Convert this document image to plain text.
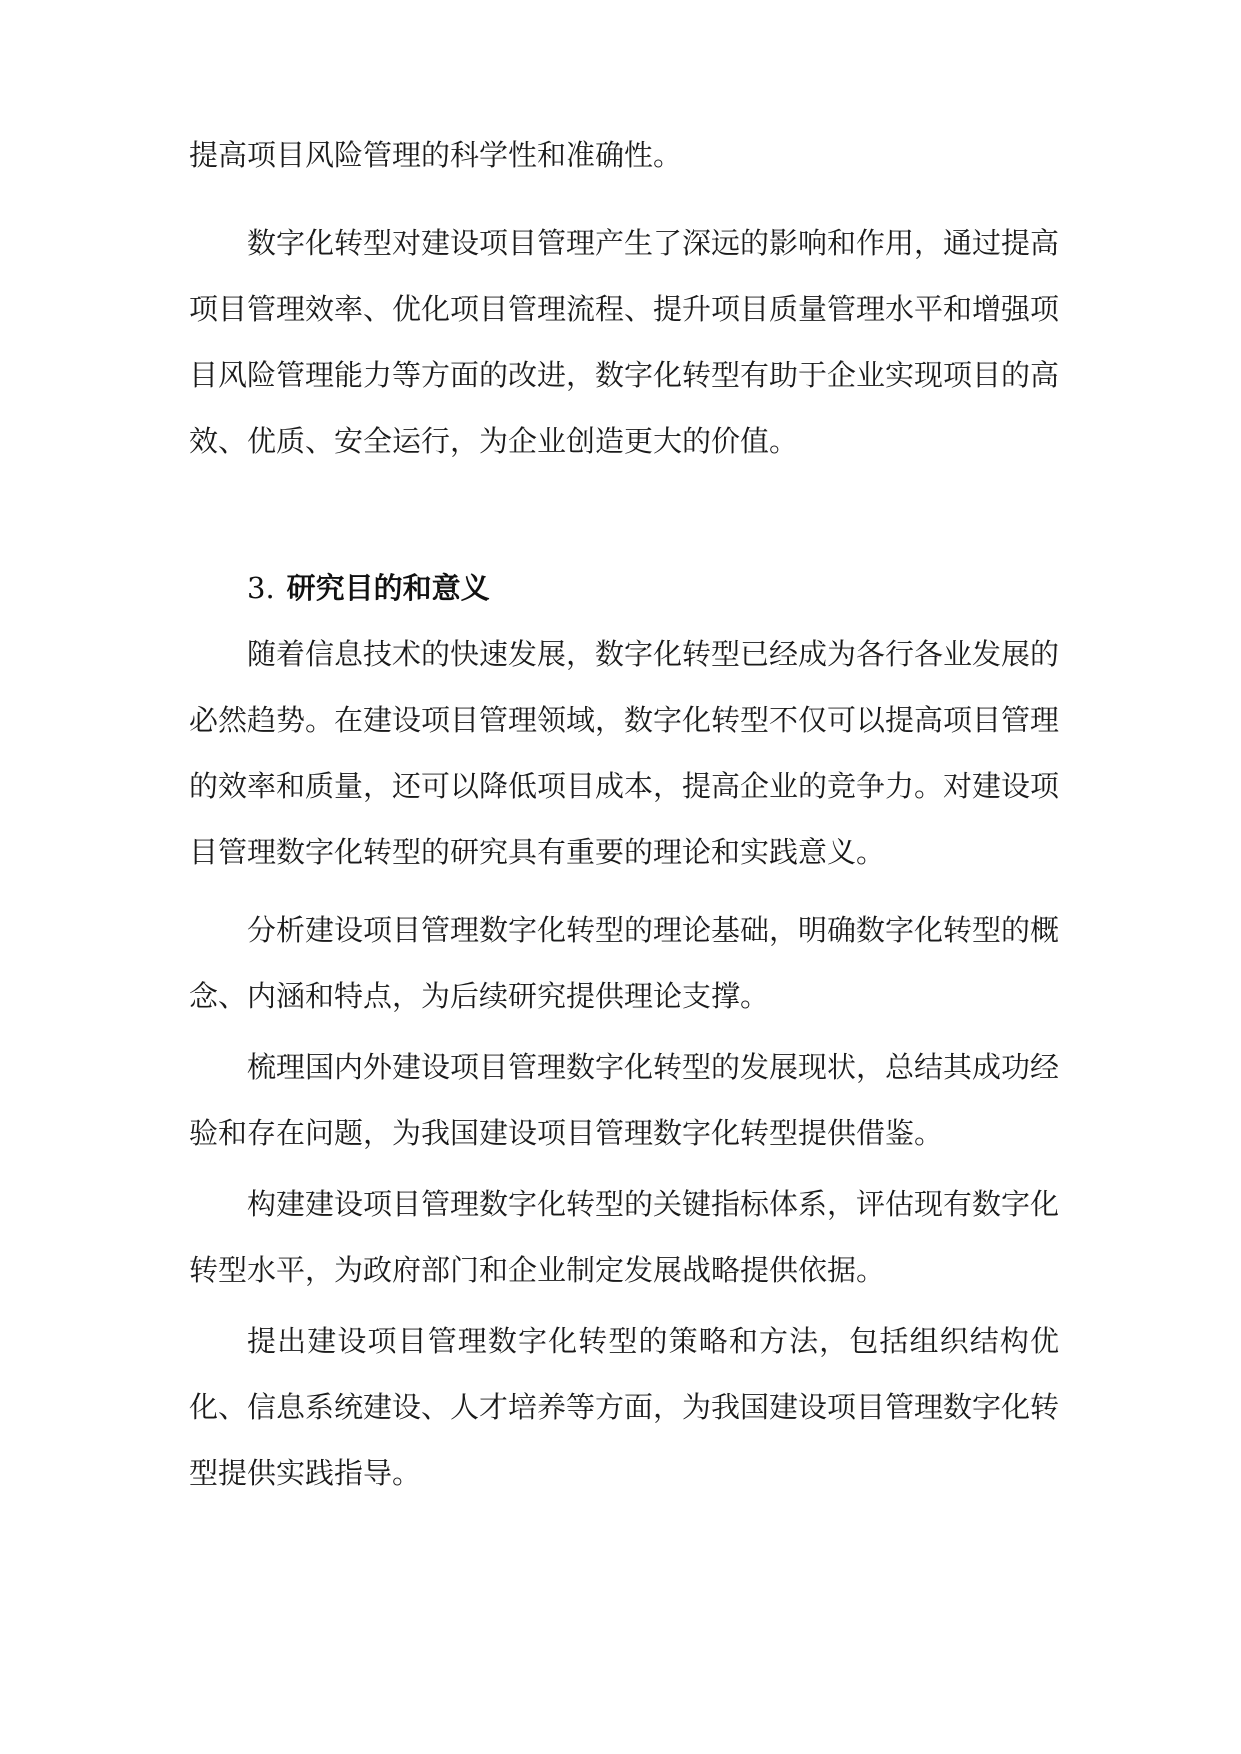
提高项目风险管理的科学性和准确性。

数字化转型对建设项目管理产生了深远的影响和作用，通过提高项目管理效率、优化项目管理流程、提升项目质量管理水平和增强项目风险管理能力等方面的改进，数字化转型有助于企业实现项目的高效、优质、安全运行，为企业创造更大的价值。

3. 研究目的和意义

随着信息技术的快速发展，数字化转型已经成为各行各业发展的必然趋势。在建设项目管理领域，数字化转型不仅可以提高项目管理的效率和质量，还可以降低项目成本，提高企业的竞争力。对建设项目管理数字化转型的研究具有重要的理论和实践意义。

分析建设项目管理数字化转型的理论基础，明确数字化转型的概念、内涵和特点，为后续研究提供理论支撑。

梳理国内外建设项目管理数字化转型的发展现状，总结其成功经验和存在问题，为我国建设项目管理数字化转型提供借鉴。

构建建设项目管理数字化转型的关键指标体系，评估现有数字化转型水平，为政府部门和企业制定发展战略提供依据。

提出建设项目管理数字化转型的策略和方法，包括组织结构优化、信息系统建设、人才培养等方面，为我国建设项目管理数字化转型提供实践指导。
